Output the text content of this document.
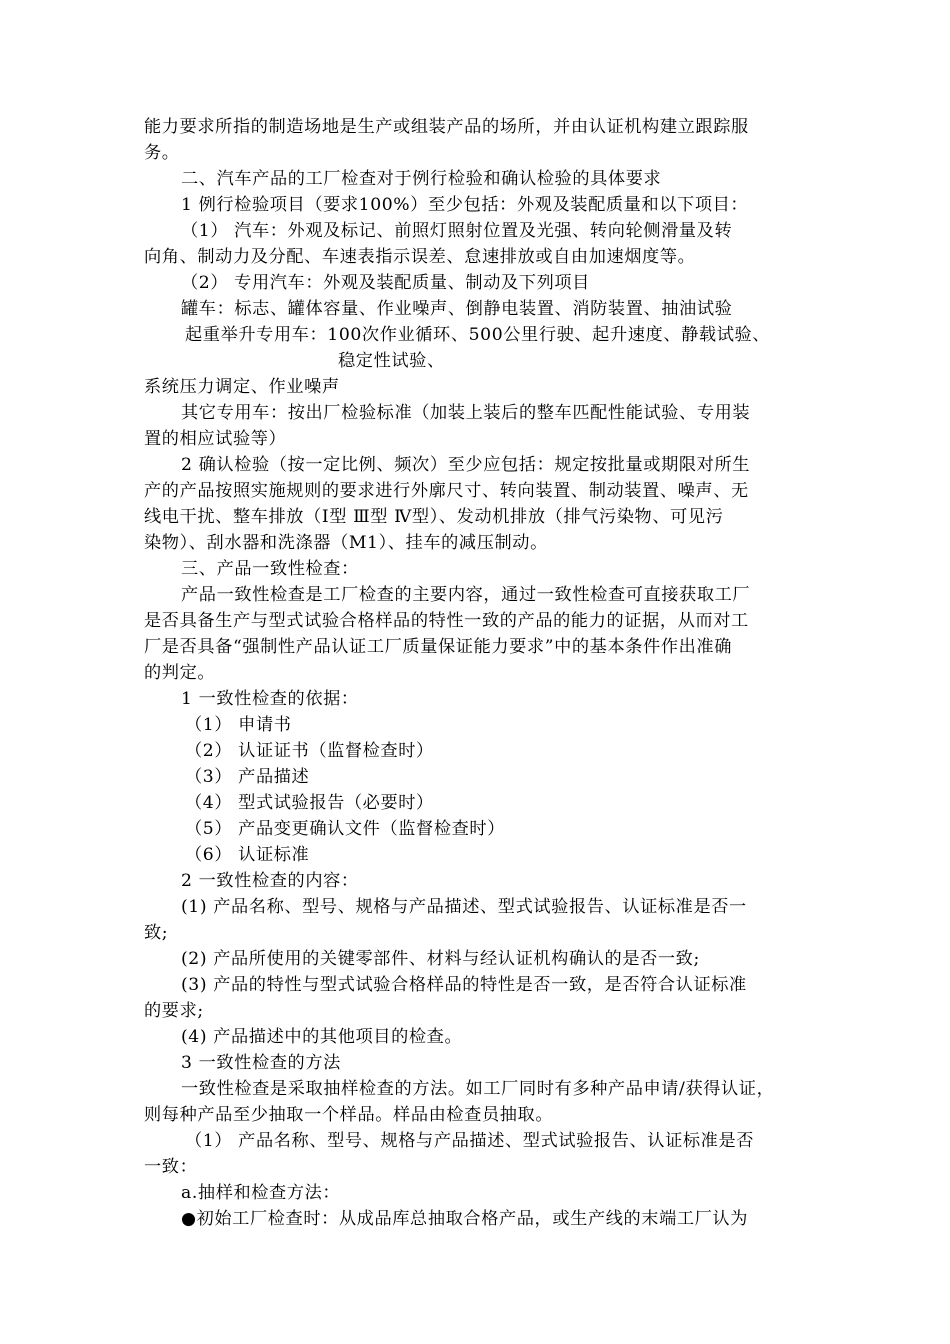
能力要求所指的制造场地是生产或组装产品的场所，并由认证机构建立跟踪服
务。
二、汽车产品的工厂检查对于例行检验和确认检验的具体要求
1 例行检验项目（要求100%）至少包括：外观及装配质量和以下项目：
（1） 汽车：外观及标记、前照灯照射位置及光强、转向轮侧滑量及转
向角、制动力及分配、车速表指示误差、怠速排放或自由加速烟度等。
（2） 专用汽车：外观及装配质量、制动及下列项目
罐车：标志、罐体容量、作业噪声、倒静电装置、消防装置、抽油试验
起重举升专用车：100次作业循环、500公里行驶、起升速度、静载试验、
稳定性试验、
系统压力调定、作业噪声
其它专用车：按出厂检验标准（加装上装后的整车匹配性能试验、专用装
置的相应试验等）
2 确认检验（按一定比例、频次）至少应包括：规定按批量或期限对所生
产的产品按照实施规则的要求进行外廓尺寸、转向装置、制动装置、噪声、无
线电干扰、整车排放（Ⅰ型 Ⅲ型 Ⅳ型）、发动机排放（排气污染物、可见污
染物）、刮水器和洗涤器（M1）、挂车的减压制动。
三、产品一致性检查：
产品一致性检查是工厂检查的主要内容，通过一致性检查可直接获取工厂
是否具备生产与型式试验合格样品的特性一致的产品的能力的证据，从而对工
厂是否具备“强制性产品认证工厂质量保证能力要求”中的基本条件作出准确
的判定。
1 一致性检查的依据：
（1） 申请书
（2） 认证证书（监督检查时）
（3） 产品描述
（4） 型式试验报告（必要时）
（5） 产品变更确认文件（监督检查时）
（6） 认证标准
2 一致性检查的内容：
(1) 产品名称、型号、规格与产品描述、型式试验报告、认证标准是否一
致;
(2) 产品所使用的关键零部件、材料与经认证机构确认的是否一致;
(3) 产品的特性与型式试验合格样品的特性是否一致，是否符合认证标准
的要求;
(4) 产品描述中的其他项目的检查。
3 一致性检查的方法
一致性检查是采取抽样检查的方法。如工厂同时有多种产品申请/获得认证，
则每种产品至少抽取一个样品。样品由检查员抽取。
（1） 产品名称、型号、规格与产品描述、型式试验报告、认证标准是否
一致：
a.抽样和检查方法：
●初始工厂检查时：从成品库总抽取合格产品，或生产线的末端工厂认为
